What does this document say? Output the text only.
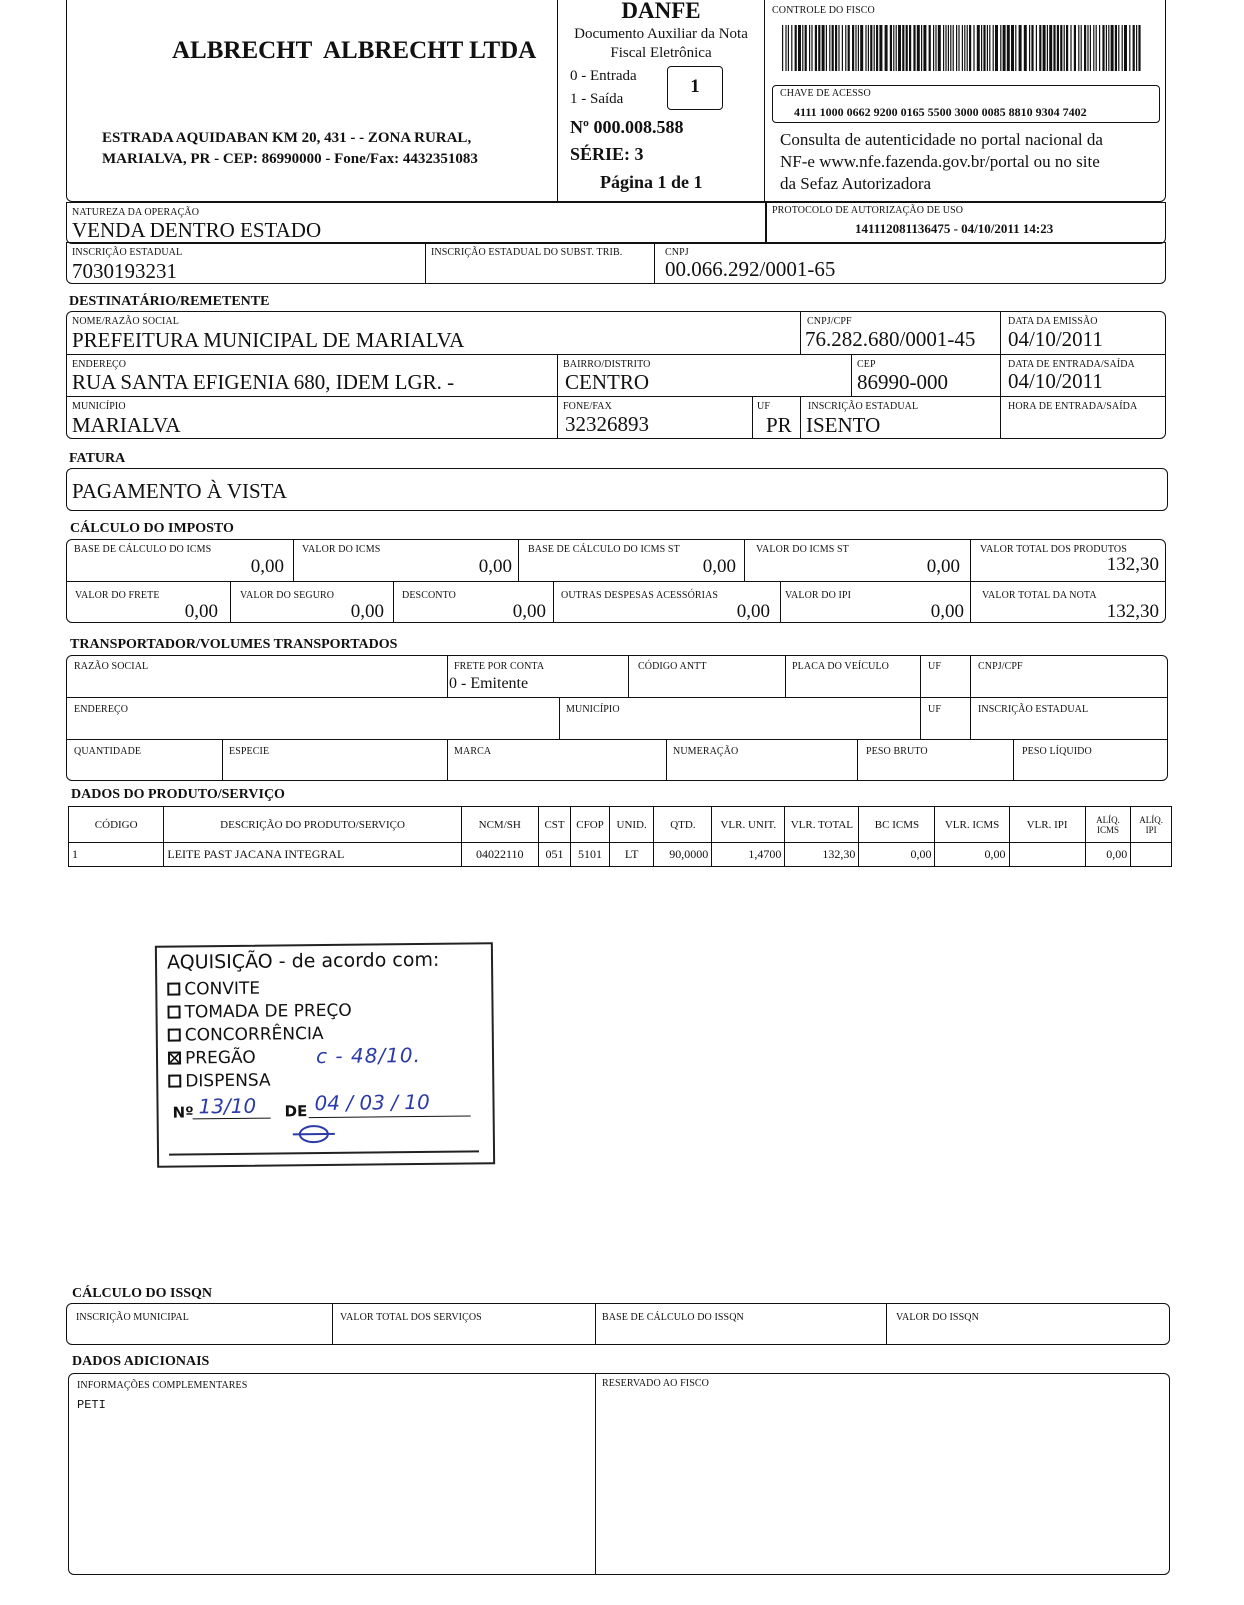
ALBRECHT  ALBRECHT LTDA
ESTRADA AQUIDABAN KM 20, 431 - - ZONA RURAL,
MARIALVA, PR - CEP: 86990000 - Fone/Fax: 4432351083
DANFE
Documento Auxiliar da Nota
Fiscal Eletrônica
0 - Entrada
1 - Saída
1
Nº 000.008.588
SÉRIE: 3
Página 1 de 1
CONTROLE DO FISCO
CHAVE DE ACESSO
4111 1000 0662 9200 0165 5500 3000 0085 8810 9304 7402
Consulta de autenticidade no portal nacional da
NF-e www.nfe.fazenda.gov.br/portal ou no site
da Sefaz Autorizadora
NATUREZA DA OPERAÇÃO
VENDA DENTRO ESTADO
PROTOCOLO DE AUTORIZAÇÃO DE USO
141112081136475 - 04/10/2011 14:23
INSCRIÇÃO ESTADUAL
7030193231
INSCRIÇÃO ESTADUAL DO SUBST. TRIB.	CNPJ
00.066.292/0001-65
DESTINATÁRIO/REMETENTE
NOME/RAZÃO SOCIAL
PREFEITURA MUNICIPAL DE MARIALVA
CNPJ/CPF
76.282.680/0001-45
DATA DA EMISSÃO
04/10/2011
ENDEREÇO
RUA SANTA EFIGENIA 680, IDEM LGR. -
BAIRRO/DISTRITO
CENTRO
CEP
86990-000
DATA DE ENTRADA/SAÍDA
04/10/2011
MUNICÍPIO
MARIALVA
FONE/FAX
32326893
UF
PR
INSCRIÇÃO ESTADUAL
ISENTO
HORA DE ENTRADA/SAÍDA
FATURA
PAGAMENTO À VISTA
CÁLCULO DO IMPOSTO
BASE DE CÁLCULO DO ICMS
0,00
VALOR DO ICMS
0,00
BASE DE CÁLCULO DO ICMS ST
0,00
VALOR DO ICMS ST
0,00
VALOR TOTAL DOS PRODUTOS
132,30
VALOR DO FRETE
0,00
VALOR DO SEGURO
0,00
DESCONTO
0,00
OUTRAS DESPESAS ACESSÓRIAS
0,00
VALOR DO IPI
0,00
VALOR TOTAL DA NOTA
132,30
TRANSPORTADOR/VOLUMES TRANSPORTADOS
RAZÃO SOCIAL	FRETE POR CONTA
0 - Emitente
CÓDIGO ANTT	PLACA DO VEÍCULO	UF	CNPJ/CPF
ENDEREÇO	MUNICÍPIO	UF	INSCRIÇÃO ESTADUAL
QUANTIDADE	ESPECIE	MARCA	NUMERAÇÃO	PESO BRUTO	PESO LÍQUIDO
DADOS DO PRODUTO/SERVIÇO
CÓDIGO	DESCRIÇÃO DO PRODUTO/SERVIÇO	NCM/SH	CST	CFOP	UNID.	QTD.	VLR. UNIT.	VLR. TOTAL	BC ICMS	VLR. ICMS	VLR. IPI	ALÍQ. ICMS	ALÍQ. IPI
1	LEITE PAST JACANA INTEGRAL	04022110	051	5101	LT	90,0000	1,4700	132,30	0,00	0,00		0,00	
AQUISIÇÃO - de acordo com:
CONVITE
TOMADA DE PREÇO
CONCORRÊNCIA
PREGÃO	c - 48/10.
DISPENSA
Nº 13/10 DE 04 / 03 / 10
CÁLCULO DO ISSQN
INSCRIÇÃO MUNICIPAL	VALOR TOTAL DOS SERVIÇOS	BASE DE CÁLCULO DO ISSQN	VALOR DO ISSQN
DADOS ADICIONAIS
INFORMAÇÕES COMPLEMENTARES
PETI
RESERVADO AO FISCO
